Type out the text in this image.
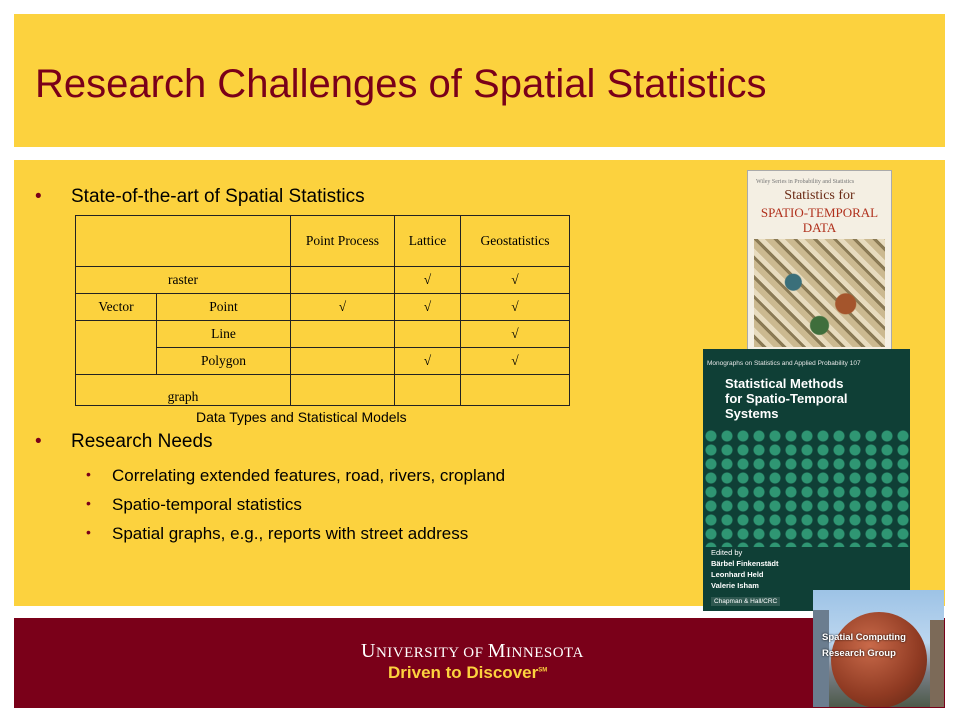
Research Challenges of Spatial Statistics
• State-of-the-art of Spatial Statistics
		Point Process	Lattice	Geostatistics
raster			√	√
Vector	Point	√	√	√
	Line			√
	Polygon		√	√
graph				
Data Types and Statistical Models
• Research Needs
• Correlating extended features, road, rivers, cropland
• Spatio-temporal statistics
• Spatial graphs, e.g., reports with street address
Wiley Series in Probability and Statistics
Statistics for
SPATIO-TEMPORAL
DATA
Monographs on Statistics and Applied Probability 107
Statistical Methods
for Spatio-Temporal
Systems
Edited by
Bärbel Finkenstädt
Leonhard Held
Valerie Isham
Chapman & Hall/CRC
UNIVERSITY OF MINNESOTA
Driven to Discover℠
Spatial Computing
Research Group
